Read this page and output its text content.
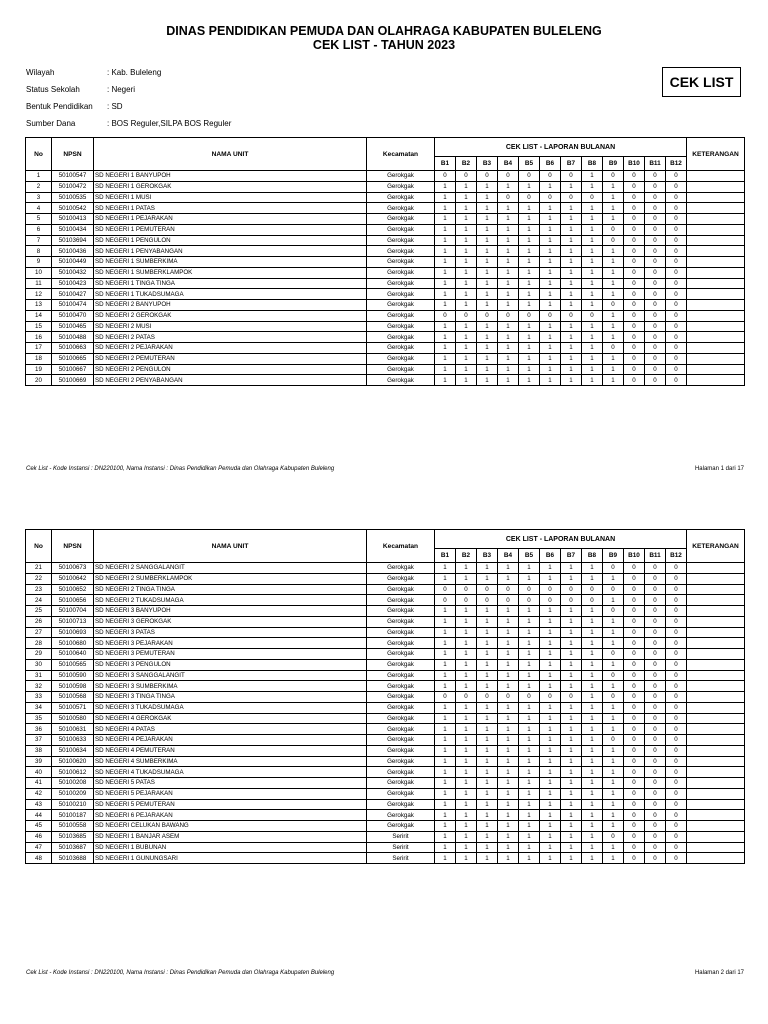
DINAS PENDIDIKAN PEMUDA DAN OLAHRAGA KABUPATEN BULELENG
CEK LIST - TAHUN 2023
Wilayah	: Kab. Buleleng
Status Sekolah	: Negeri
Bentuk Pendidikan : SD
Sumber Dana	: BOS Reguler,SILPA BOS Reguler
CEK LIST
No	NPSN	NAMA UNIT	Kecamatan	CEK LIST - LAPORAN BULANAN												KETERANGAN
				B1	B2	B3	B4	B5	B6	B7	B8	B9	B10	B11	B12	
1	50100547	SD NEGERI 1 BANYUPOH	Gerokgak	0	0	0	0	0	0	0	1	0	0	0	0	
2	50100472	SD NEGERI 1 GEROKGAK	Gerokgak	1	1	1	1	1	1	1	1	1	0	0	0	
3	50100535	SD NEGERI 1 MUSI	Gerokgak	1	1	1	0	0	0	0	0	1	0	0	0	
4	50100542	SD NEGERI 1 PATAS	Gerokgak	1	1	1	1	1	1	1	1	1	0	0	0	
5	50100413	SD NEGERI 1 PEJARAKAN	Gerokgak	1	1	1	1	1	1	1	1	1	0	0	0	
6	50100434	SD NEGERI 1 PEMUTERAN	Gerokgak	1	1	1	1	1	1	1	1	0	0	0	0	
7	50103694	SD NEGERI 1 PENGULON	Gerokgak	1	1	1	1	1	1	1	1	0	0	0	0	
8	50100436	SD NEGERI 1 PENYABANGAN	Gerokgak	1	1	1	1	1	1	1	1	1	0	0	0	
9	50100449	SD NEGERI 1 SUMBERKIMA	Gerokgak	1	1	1	1	1	1	1	1	1	0	0	0	
10	50100432	SD NEGERI 1 SUMBERKLAMPOK	Gerokgak	1	1	1	1	1	1	1	1	1	0	0	0	
11	50100423	SD NEGERI 1 TINGA TINGA	Gerokgak	1	1	1	1	1	1	1	1	1	0	0	0	
12	50100427	SD NEGERI 1 TUKADSUMAGA	Gerokgak	1	1	1	1	1	1	1	1	1	0	0	0	
13	50100474	SD NEGERI 2 BANYUPOH	Gerokgak	1	1	1	1	1	1	1	1	0	0	0	0	
14	50100470	SD NEGERI 2 GEROKGAK	Gerokgak	0	0	0	0	0	0	0	0	1	0	0	0	
15	50100465	SD NEGERI 2 MUSI	Gerokgak	1	1	1	1	1	1	1	1	1	0	0	0	
16	50100488	SD NEGERI 2 PATAS	Gerokgak	1	1	1	1	1	1	1	1	1	0	0	0	
17	50100663	SD NEGERI 2 PEJARAKAN	Gerokgak	1	1	1	1	1	1	1	1	0	0	0	0	
18	50100665	SD NEGERI 2 PEMUTERAN	Gerokgak	1	1	1	1	1	1	1	1	1	0	0	0	
19	50100667	SD NEGERI 2 PENGULON	Gerokgak	1	1	1	1	1	1	1	1	1	0	0	0	
20	50100669	SD NEGERI 2 PENYABANGAN	Gerokgak	1	1	1	1	1	1	1	1	1	0	0	0	
Cek List - Kode Instansi : DN220100, Nama Instansi : Dinas Pendidikan Pemuda dan Olahraga Kabupaten Buleleng	Halaman 1 dari 17
No	NPSN	NAMA UNIT	Kecamatan	CEK LIST - LAPORAN BULANAN												KETERANGAN
				B1	B2	B3	B4	B5	B6	B7	B8	B9	B10	B11	B12	
21	50100673	SD NEGERI 2 SANGGALANGIT	Gerokgak	1	1	1	1	1	1	1	1	0	0	0	0	
22	50100642	SD NEGERI 2 SUMBERKLAMPOK	Gerokgak	1	1	1	1	1	1	1	1	1	0	0	0	
23	50100652	SD NEGERI 2 TINGA TINGA	Gerokgak	0	0	0	0	0	0	0	0	0	0	0	0	
24	50100656	SD NEGERI 2 TUKADSUMAGA	Gerokgak	0	0	0	0	0	0	0	0	1	0	0	0	
25	50100704	SD NEGERI 3 BANYUPOH	Gerokgak	1	1	1	1	1	1	1	1	0	0	0	0	
26	50100713	SD NEGERI 3 GEROKGAK	Gerokgak	1	1	1	1	1	1	1	1	1	0	0	0	
27	50100693	SD NEGERI 3 PATAS	Gerokgak	1	1	1	1	1	1	1	1	1	0	0	0	
28	50100680	SD NEGERI 3 PEJARAKAN	Gerokgak	1	1	1	1	1	1	1	1	1	0	0	0	
29	50100640	SD NEGERI 3 PEMUTERAN	Gerokgak	1	1	1	1	1	1	1	1	0	0	0	0	
30	50100565	SD NEGERI 3 PENGULON	Gerokgak	1	1	1	1	1	1	1	1	1	0	0	0	
31	50100590	SD NEGERI 3 SANGGALANGIT	Gerokgak	1	1	1	1	1	1	1	1	0	0	0	0	
32	50100598	SD NEGERI 3 SUMBERKIMA	Gerokgak	1	1	1	1	1	1	1	1	1	0	0	0	
33	50100568	SD NEGERI 3 TINGA TINGA	Gerokgak	0	0	0	0	0	0	0	1	0	0	0	0	
34	50100571	SD NEGERI 3 TUKADSUMAGA	Gerokgak	1	1	1	1	1	1	1	1	1	0	0	0	
35	50100580	SD NEGERI 4 GEROKGAK	Gerokgak	1	1	1	1	1	1	1	1	1	0	0	0	
36	50100631	SD NEGERI 4 PATAS	Gerokgak	1	1	1	1	1	1	1	1	1	0	0	0	
37	50100633	SD NEGERI 4 PEJARAKAN	Gerokgak	1	1	1	1	1	1	1	1	0	0	0	0	
38	50100634	SD NEGERI 4 PEMUTERAN	Gerokgak	1	1	1	1	1	1	1	1	1	0	0	0	
39	50100620	SD NEGERI 4 SUMBERKIMA	Gerokgak	1	1	1	1	1	1	1	1	1	0	0	0	
40	50100612	SD NEGERI 4 TUKADSUMAGA	Gerokgak	1	1	1	1	1	1	1	1	1	0	0	0	
41	50100208	SD NEGERI 5 PATAS	Gerokgak	1	1	1	1	1	1	1	1	1	0	0	0	
42	50100209	SD NEGERI 5 PEJARAKAN	Gerokgak	1	1	1	1	1	1	1	1	1	0	0	0	
43	50100210	SD NEGERI 5 PEMUTERAN	Gerokgak	1	1	1	1	1	1	1	1	1	0	0	0	
44	50100187	SD NEGERI 6 PEJARAKAN	Gerokgak	1	1	1	1	1	1	1	1	1	0	0	0	
45	50100558	SD NEGERI CELUKAN BAWANG	Gerokgak	1	1	1	1	1	1	1	1	1	0	0	0	
46	50103685	SD NEGERI 1 BANJAR ASEM	Seririt	1	1	1	1	1	1	1	1	0	0	0	0	
47	50103687	SD NEGERI 1 BUBUNAN	Seririt	1	1	1	1	1	1	1	1	1	0	0	0	
48	50103688	SD NEGERI 1 GUNUNGSARI	Seririt	1	1	1	1	1	1	1	1	1	0	0	0	
Cek List - Kode Instansi : DN220100, Nama Instansi : Dinas Pendidikan Pemuda dan Olahraga Kabupaten Buleleng	Halaman 2 dari 17
